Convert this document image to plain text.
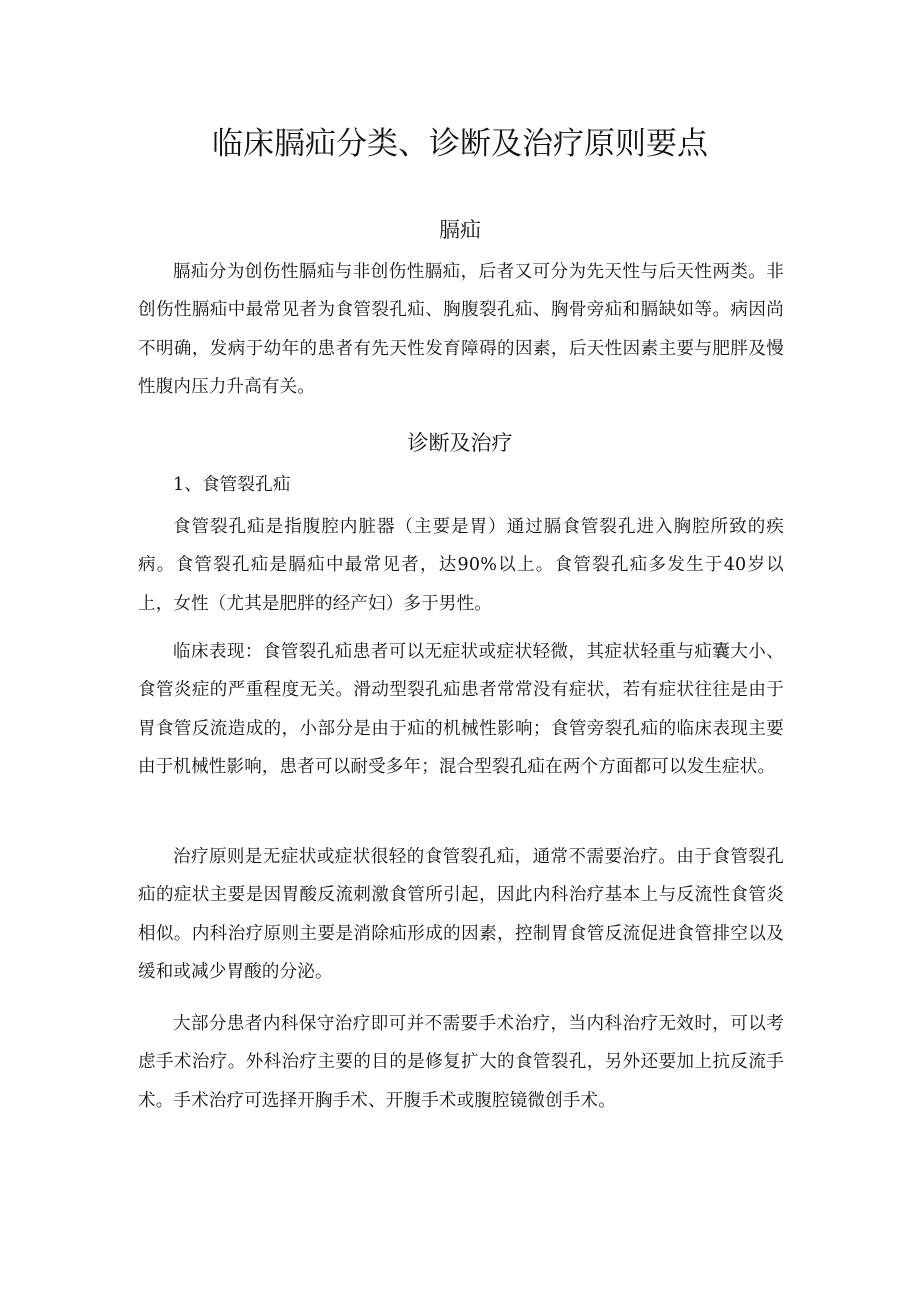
临床膈疝分类、诊断及治疗原则要点
膈疝

膈疝分为创伤性膈疝与非创伤性膈疝，后者又可分为先天性与后天性两类。非创伤性膈疝中最常见者为食管裂孔疝、胸腹裂孔疝、胸骨旁疝和膈缺如等。病因尚不明确，发病于幼年的患者有先天性发育障碍的因素，后天性因素主要与肥胖及慢性腹内压力升高有关。

诊断及治疗

1、食管裂孔疝

食管裂孔疝是指腹腔内脏器（主要是胃）通过膈食管裂孔进入胸腔所致的疾病。食管裂孔疝是膈疝中最常见者，达90%以上。食管裂孔疝多发生于40岁以上，女性（尤其是肥胖的经产妇）多于男性。

临床表现：食管裂孔疝患者可以无症状或症状轻微，其症状轻重与疝囊大小、食管炎症的严重程度无关。滑动型裂孔疝患者常常没有症状，若有症状往往是由于胃食管反流造成的，小部分是由于疝的机械性影响；食管旁裂孔疝的临床表现主要由于机械性影响，患者可以耐受多年；混合型裂孔疝在两个方面都可以发生症状。

治疗原则是无症状或症状很轻的食管裂孔疝，通常不需要治疗。由于食管裂孔疝的症状主要是因胃酸反流刺激食管所引起，因此内科治疗基本上与反流性食管炎相似。内科治疗原则主要是消除疝形成的因素，控制胃食管反流促进食管排空以及缓和或减少胃酸的分泌。

大部分患者内科保守治疗即可并不需要手术治疗，当内科治疗无效时，可以考虑手术治疗。外科治疗主要的目的是修复扩大的食管裂孔，另外还要加上抗反流手术。手术治疗可选择开胸手术、开腹手术或腹腔镜微创手术。
